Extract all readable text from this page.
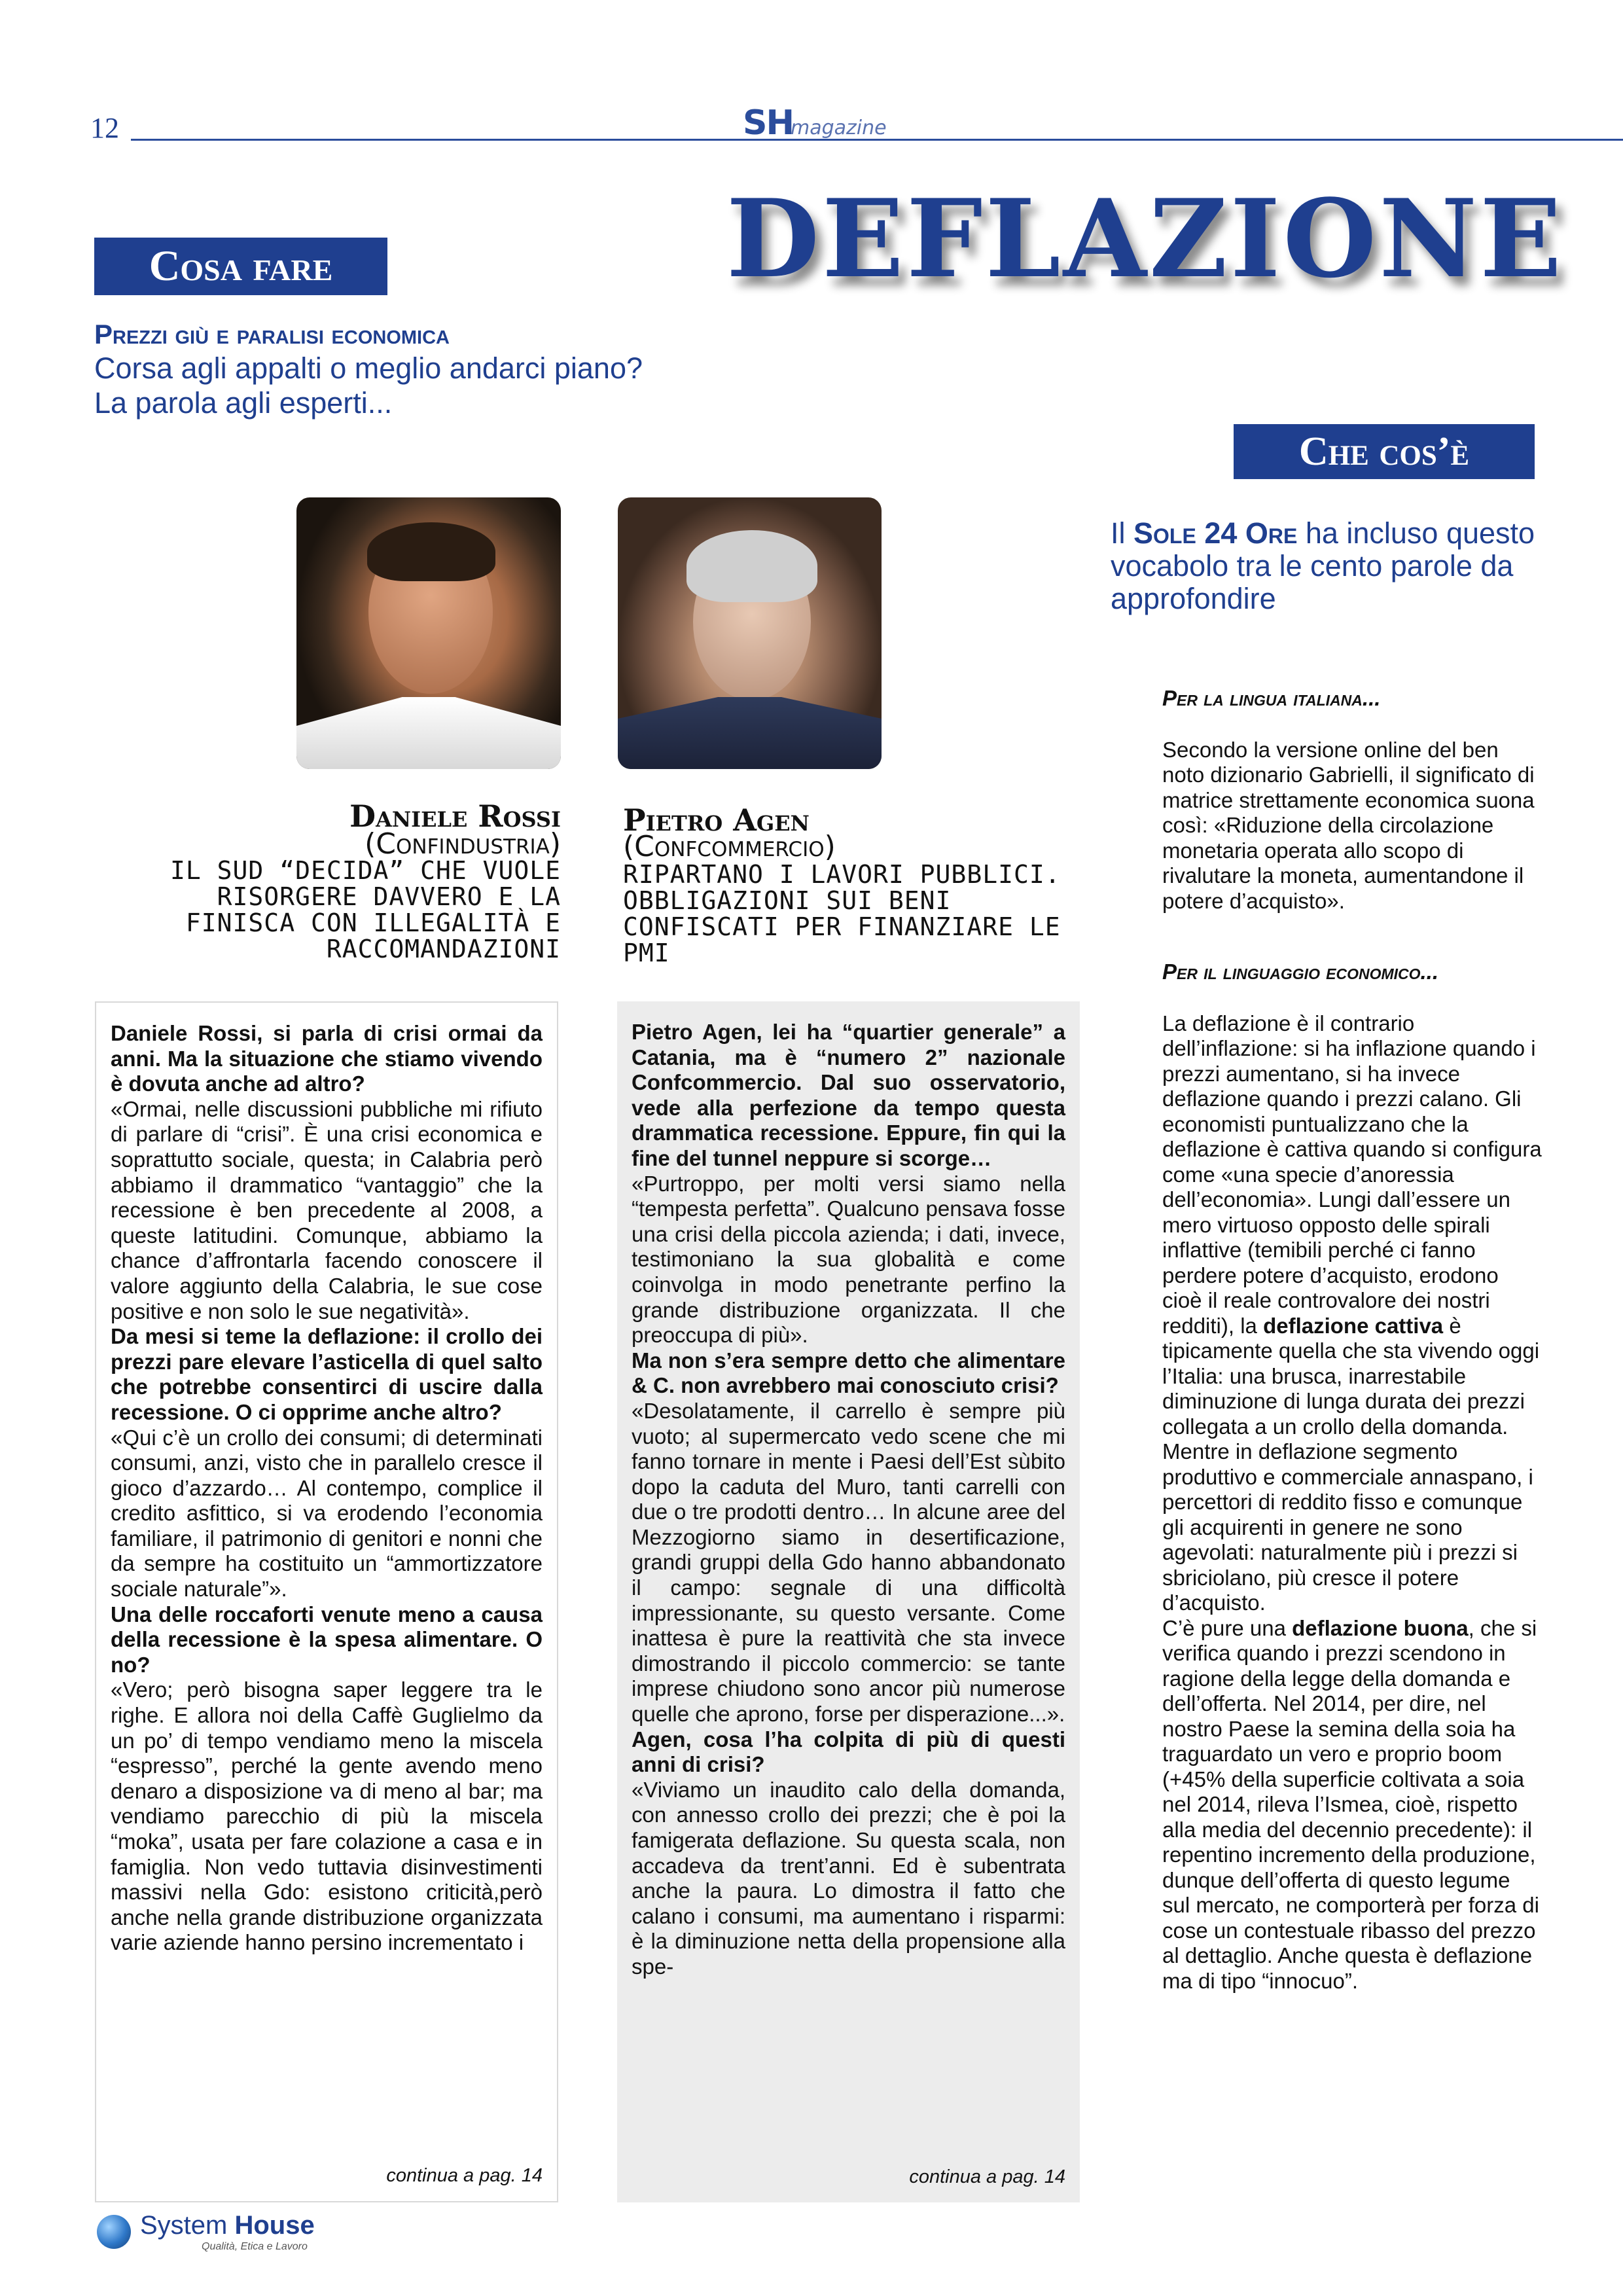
12	SHmagazine
DEFLAZIONE
Cosa fare
Che cos’è
Prezzi giù e paralisi economica
Corsa agli appalti o meglio andarci piano?
La parola agli esperti...
Il Sole 24 Ore ha incluso questo vocabolo tra le cento parole da approfondire
Daniele Rossi
(Confindustria)
IL SUD “DECIDA” CHE VUOLE RISORGERE DAVVERO E LA FINISCA CON ILLEGALITÀ E RACCOMANDAZIONI
Pietro Agen
(Confcommercio)
RIPARTANO I LAVORI PUBBLICI. OBBLIGAZIONI SUI BENI CONFISCATI PER FINANZIARE LE PMI

Daniele Rossi, si parla di crisi ormai da anni. Ma la situazione che stiamo vivendo è dovuta anche ad altro?

«Ormai, nelle discussioni pubbliche mi rifiuto di parlare di “crisi”. È una crisi economica e soprattutto sociale, questa; in Calabria però abbiamo il drammatico “vantaggio” che la recessione è ben precedente al 2008, a queste latitudini. Comunque, abbiamo la chance d’affrontarla facendo conoscere il valore aggiunto della Calabria, le sue cose positive e non solo le sue negatività».

Da mesi si teme la deflazione: il crollo dei prezzi pare elevare l’asticella di quel salto che potrebbe consentirci di uscire dalla recessione. O ci opprime anche altro?

«Qui c’è un crollo dei consumi; di determinati consumi, anzi, visto che in parallelo cresce il gioco d’azzardo… Al contempo, complice il credito asfittico, si va erodendo l’economia familiare, il patrimonio di genitori e nonni che da sempre ha costituito un “ammortizzatore sociale naturale”».

Una delle roccaforti venute meno a causa della recessione è la spesa alimentare. O no?

«Vero; però bisogna saper leggere tra le righe. E allora noi della Caffè Guglielmo da un po’ di tempo vendiamo meno la miscela “espresso”, perché la gente avendo meno denaro a disposizione va di meno al bar; ma vendiamo parecchio di più la miscela “moka”, usata per fare colazione a casa e in famiglia. Non vedo tuttavia disinvestimenti massivi nella Gdo: esistono criticità,però anche nella grande distribuzione organizzata varie aziende hanno persino incrementato i

continua a pag. 14

Pietro Agen, lei ha “quartier generale” a Catania, ma è “numero 2” nazionale Confcommercio. Dal suo osservatorio, vede alla perfezione da tempo questa drammatica recessione. Eppure, fin qui la fine del tunnel neppure si scorge…

«Purtroppo, per molti versi siamo nella “tempesta perfetta”. Qualcuno pensava fosse una crisi della piccola azienda; i dati, invece, testimoniano la sua globalità e come coinvolga in modo penetrante perfino la grande distribuzione organizzata. Il che preoccupa di più».

Ma non s’era sempre detto che alimentare & C. non avrebbero mai conosciuto crisi?

«Desolatamente, il carrello è sempre più vuoto; al supermercato vedo scene che mi fanno tornare in mente i Paesi dell’Est sùbito dopo la caduta del Muro, tanti carrelli con due o tre prodotti dentro… In alcune aree del Mezzogiorno siamo in desertificazione, grandi gruppi della Gdo hanno abbandonato il campo: segnale di una difficoltà impressionante, su questo versante. Come inattesa è pure la reattività che sta invece dimostrando il piccolo commercio: se tante imprese chiudono sono ancor più numerose quelle che aprono, forse per disperazione...».

Agen, cosa l’ha colpita di più di questi anni di crisi?

«Viviamo un inaudito calo della domanda, con annesso crollo dei prezzi; che è poi la famigerata deflazione. Su questa scala, non accadeva da trent’anni. Ed è subentrata anche la paura. Lo dimostra il fatto che calano i consumi, ma aumentano i risparmi: è la diminuzione netta della propensione alla spe-

continua a pag. 14

Per la lingua italiana...

Secondo la versione online del ben noto dizionario Gabrielli, il significato di matrice strettamente economica suona così: «Riduzione della circolazione monetaria operata allo scopo di rivalutare la moneta, aumentandone il potere d’acquisto».

Per il linguaggio economico...

La deflazione è il contrario dell’inflazione: si ha inflazione quando i prezzi aumentano, si ha invece deflazione quando i prezzi calano. Gli economisti puntualizzano che la deflazione è cattiva quando si configura come «una specie d’anoressia dell’economia». Lungi dall’essere un mero virtuoso opposto delle spirali inflattive (temibili perché ci fanno perdere potere d’acquisto, erodono cioè il reale controvalore dei nostri redditi), la deflazione cattiva è tipicamente quella che sta vivendo oggi l’Italia: una brusca, inarrestabile diminuzione di lunga durata dei prezzi collegata a un crollo della domanda. Mentre in deflazione segmento produttivo e commerciale annaspano, i percettori di reddito fisso e comunque gli acquirenti in genere ne sono agevolati: naturalmente più i prezzi si sbriciolano, più cresce il potere d’acquisto.

C’è pure una deflazione buona, che si verifica quando i prezzi scendono in ragione della legge della domanda e dell’offerta. Nel 2014, per dire, nel nostro Paese la semina della soia ha traguardato un vero e proprio boom (+45% della superficie coltivata a soia nel 2014, rileva l’Ismea, cioè, rispetto alla media del decennio precedente): il repentino incremento della produzione, dunque dell’offerta di questo legume sul mercato, ne comporterà per forza di cose un contestuale ribasso del prezzo al dettaglio. Anche questa è deflazione ma di tipo “innocuo”.

System House
Qualità, Etica e Lavoro
